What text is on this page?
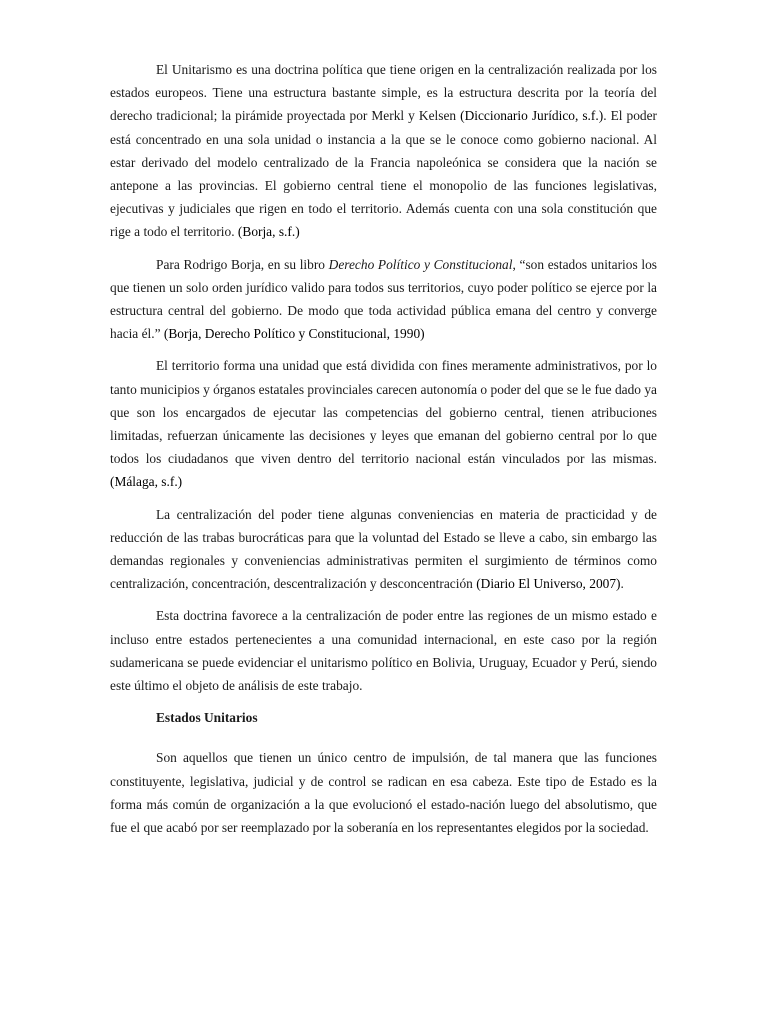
El Unitarismo es una doctrina política que tiene origen en la centralización realizada por los estados europeos. Tiene una estructura bastante simple, es la estructura descrita por la teoría del derecho tradicional; la pirámide proyectada por Merkl y Kelsen (Diccionario Jurídico, s.f.). El poder está concentrado en una sola unidad o instancia a la que se le conoce como gobierno nacional. Al estar derivado del modelo centralizado de la Francia napoleónica se considera que la nación se antepone a las provincias. El gobierno central tiene el monopolio de las funciones legislativas, ejecutivas y judiciales que rigen en todo el territorio. Además cuenta con una sola constitución que rige a todo el territorio. (Borja, s.f.)

Para Rodrigo Borja, en su libro Derecho Político y Constitucional, “son estados unitarios los que tienen un solo orden jurídico valido para todos sus territorios, cuyo poder político se ejerce por la estructura central del gobierno. De modo que toda actividad pública emana del centro y converge hacia él.” (Borja, Derecho Político y Constitucional, 1990)

El territorio forma una unidad que está dividida con fines meramente administrativos, por lo tanto municipios y órganos estatales provinciales carecen autonomía o poder del que se le fue dado ya que son los encargados de ejecutar las competencias del gobierno central, tienen atribuciones limitadas, refuerzan únicamente las decisiones y leyes que emanan del gobierno central por lo que todos los ciudadanos que viven dentro del territorio nacional están vinculados por las mismas. (Málaga, s.f.)

La centralización del poder tiene algunas conveniencias en materia de practicidad y de reducción de las trabas burocráticas para que la voluntad del Estado se lleve a cabo, sin embargo las demandas regionales y conveniencias administrativas permiten el surgimiento de términos como centralización, concentración, descentralización y desconcentración (Diario El Universo, 2007).

Esta doctrina favorece a la centralización de poder entre las regiones de un mismo estado e incluso entre estados pertenecientes a una comunidad internacional, en este caso por la región sudamericana se puede evidenciar el unitarismo político en Bolivia, Uruguay, Ecuador y Perú, siendo este último el objeto de análisis de este trabajo.

Estados Unitarios

Son aquellos que tienen un único centro de impulsión, de tal manera que las funciones constituyente, legislativa, judicial y de control se radican en esa cabeza. Este tipo de Estado es la forma más común de organización a la que evolucionó el estado-nación luego del absolutismo, que fue el que acabó por ser reemplazado por la soberanía en los representantes elegidos por la sociedad.
